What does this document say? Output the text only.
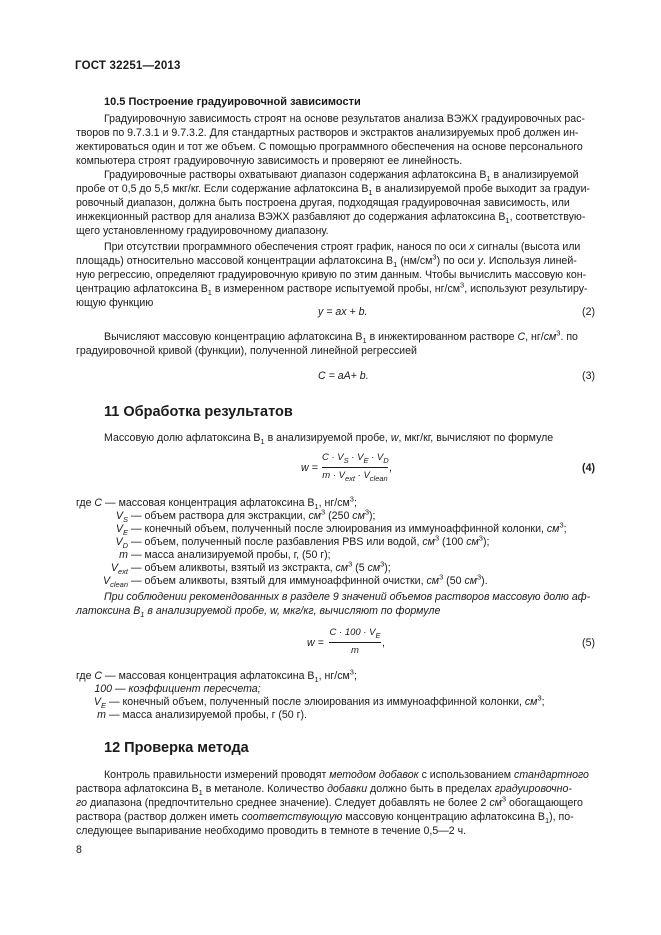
ГОСТ 32251—2013
10.5 Построение градуировочной зависимости
Градуировочную зависимость строят на основе результатов анализа ВЭЖХ градуировочных рас-
творов по 9.7.3.1 и 9.7.3.2. Для стандартных растворов и экстрактов анализируемых проб должен ин-
жектироваться один и тот же объем. С помощью программного обеспечения на основе персонального
компьютера строят градуировочную зависимость и проверяют ее линейность.
Градуировочные растворы охватывают диапазон содержания афлатоксина $В_1$ в анализируемой
пробе от 0,5 до 5,5 мкг/кг. Если содержание афлатоксина $В_1$ в анализируемой пробе выходит за градуи-
ровочный диапазон, должна быть построена другая, подходящая градуировочная зависимость, или
инжекционный раствор для анализа ВЭЖХ разбавляют до содержания афлатоксина $В_1$, соответствую-
щего установленному градуировочному диапазону.
При отсутствии программного обеспечения строят график, нанося по оси х сигналы (высота или
площадь) относительно массовой концентрации афлатоксина $В_1$ $(нм/см^3)$ по оси у. Используя линей-
ную регрессию, определяют градуировочную кривую по этим данным. Чтобы вычислить массовую кон-
центрацию афлатоксина $В_1$ в измеренном растворе испытуемой пробы, $нг/см^3$, используют результиру-
ющую функцию
у = ах + b.	(2)
Вычисляют массовую концентрацию афлатоксина $В_1$ в инжектированном растворе С, $нг/см^3$. по
градуировочной кривой (функции), полученной линейной регрессией
С = аА+ b.	(3)
11 Обработка результатов
Массовую долю афлатоксина $В_1$ в анализируемой пробе, w, мкг/кг, вычисляют по формуле
w =
$C \cdot V_S \cdot V_E \cdot V_D$
$m \cdot V_{ext} \cdot V_{clean}$
,	(4)
где С — массовая концентрация афлатоксина $В_1$, $нг/см^3$;
$V_S$ — объем раствора для экстракции, $см^3$ (250 $см^3$);
$V_E$ — конечный объем, полученный после элюирования из иммуноаффинной колонки, $см^3$;
$V_D$ — объем, полученный после разбавления PBS или водой, $см^3$ (100 $см^3$);
m — масса анализируемой пробы, г, (50 г);
$V_{ext}$ — объем аликвоты, взятый из экстракта, $см^3$ (5 $см^3$);
$V_{clean}$ — объем аликвоты, взятый для иммуноаффинной очистки, $см^3$ (50 $см^3$).
При соблюдении рекомендованных в разделе 9 значений объемов растворов массовую долю аф-
латоксина $В_1$ в анализируемой пробе, w, мкг/кг, вычисляют по формуле
w =
$C \cdot 100 \cdot V_E$
m
,	(5)
где С — массовая концентрация афлатоксина $В_1$, $нг/см^3$;
100 — коэффициент пересчета;
$V_E$ — конечный объем, полученный после элюирования из иммуноаффинной колонки, $см^3$;
m — масса анализируемой пробы, г (50 г).
12 Проверка метода
Контроль правильности измерений проводят методом добавок с использованием стандартного
раствора афлатоксина $В_1$ в метаноле. Количество добавки должно быть в пределах градуировочно-
го диапазона (предпочтительно среднее значение). Следует добавлять не более 2 $см^3$ обогащающего
раствора (раствор должен иметь соответствующую массовую концентрацию афлатоксина $В_1$), по-
следующее выпаривание необходимо проводить в темноте в течение 0,5—2 ч.
8
